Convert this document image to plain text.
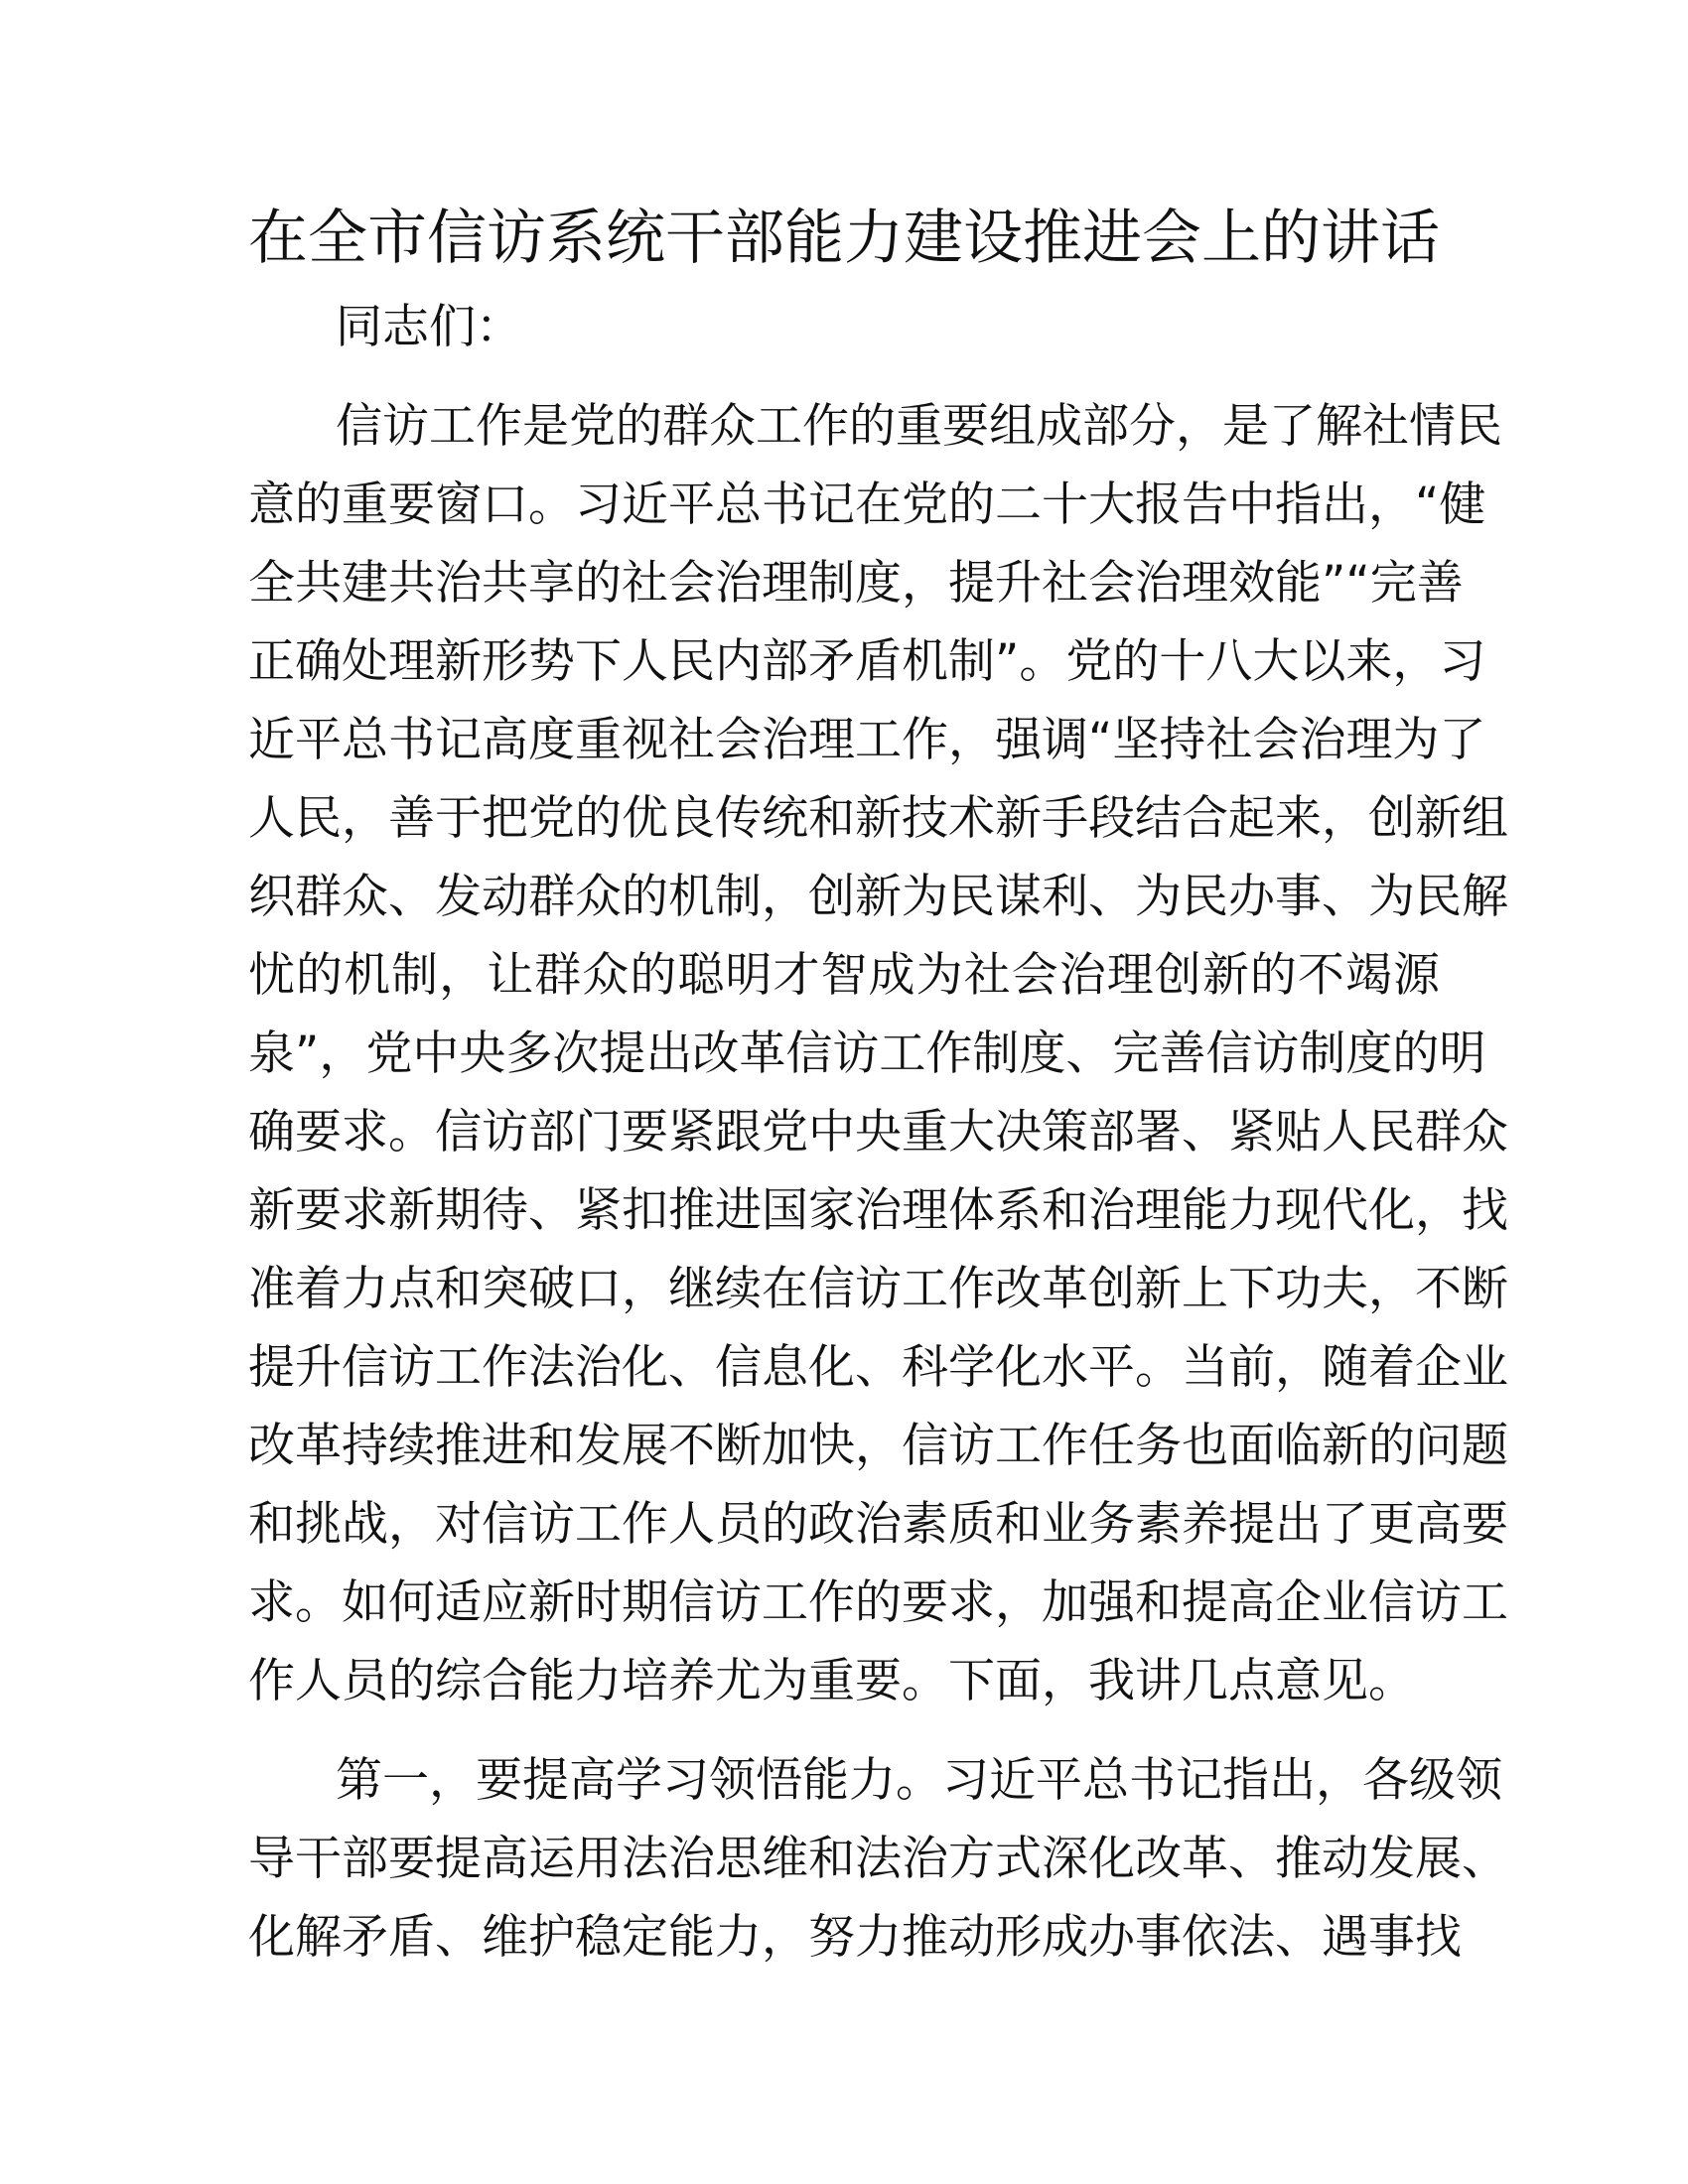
在全市信访系统干部能力建设推进会上的讲话
同志们：
信访工作是党的群众工作的重要组成部分，是了解社情民
意的重要窗口。习近平总书记在党的二十大报告中指出，“健
全共建共治共享的社会治理制度，提升社会治理效能”“完善
正确处理新形势下人民内部矛盾机制”。党的十八大以来，习
近平总书记高度重视社会治理工作，强调“坚持社会治理为了
人民，善于把党的优良传统和新技术新手段结合起来，创新组
织群众、发动群众的机制，创新为民谋利、为民办事、为民解
忧的机制，让群众的聪明才智成为社会治理创新的不竭源
泉”，党中央多次提出改革信访工作制度、完善信访制度的明
确要求。信访部门要紧跟党中央重大决策部署、紧贴人民群众
新要求新期待、紧扣推进国家治理体系和治理能力现代化，找
准着力点和突破口，继续在信访工作改革创新上下功夫，不断
提升信访工作法治化、信息化、科学化水平。当前，随着企业
改革持续推进和发展不断加快，信访工作任务也面临新的问题
和挑战，对信访工作人员的政治素质和业务素养提出了更高要
求。如何适应新时期信访工作的要求，加强和提高企业信访工
作人员的综合能力培养尤为重要。下面，我讲几点意见。
第一，要提高学习领悟能力。习近平总书记指出，各级领
导干部要提高运用法治思维和法治方式深化改革、推动发展、
化解矛盾、维护稳定能力，努力推动形成办事依法、遇事找
